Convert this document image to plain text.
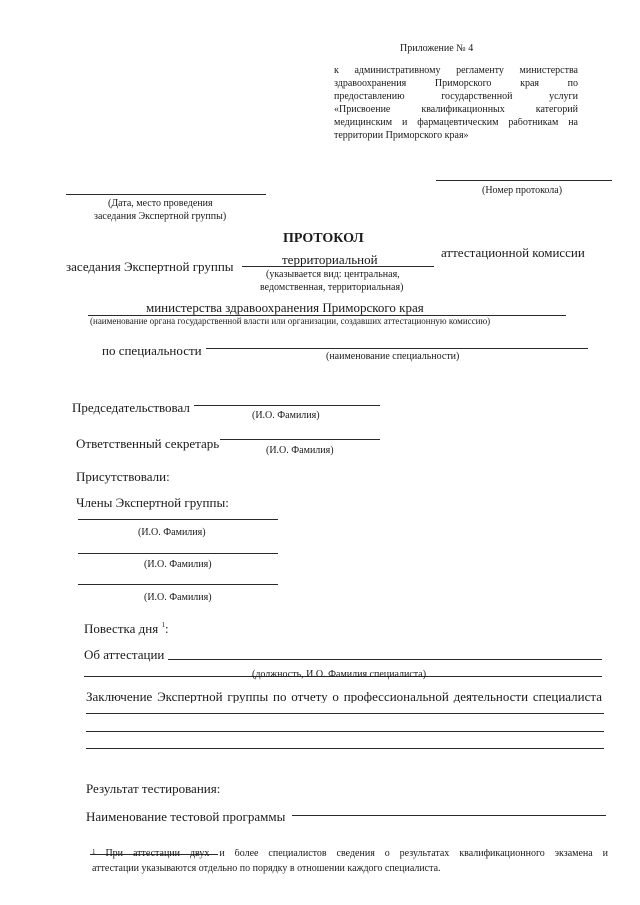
Приложение № 4
к административному регламенту министерства
здравоохранения Приморского края по
предоставлению государственной услуги
«Присвоение квалификационных категорий
медицинским и фармацевтическим работникам на
территории Приморского края»
(Дата, место проведения
заседания Экспертной группы)
(Номер протокола)
ПРОТОКОЛ
заседания Экспертной группы	территориальной	аттестационной комиссии
(указывается вид: центральная,
ведомственная, территориальная)
министерства здравоохранения Приморского края
(наименование органа государственной власти или организации, создавших аттестационную комиссию)
по специальности	(наименование специальности)
Председательствовал
(И.О. Фамилия)
Ответственный секретарь	(И.О. Фамилия)
Присутствовали:
Члены Экспертной группы:
(И.О. Фамилия)
(И.О. Фамилия)
(И.О. Фамилия)
Повестка дня $^1$:
Об аттестации
(должность, И.О. Фамилия специалиста)
Заключение Экспертной группы по отчету о профессиональной деятельности специалиста
Результат тестирования:
Наименование тестовой программы
$^1$ При аттестации двух и более специалистов сведения о результатах квалификационного экзамена и
аттестации указываются отдельно по порядку в отношении каждого специалиста.
